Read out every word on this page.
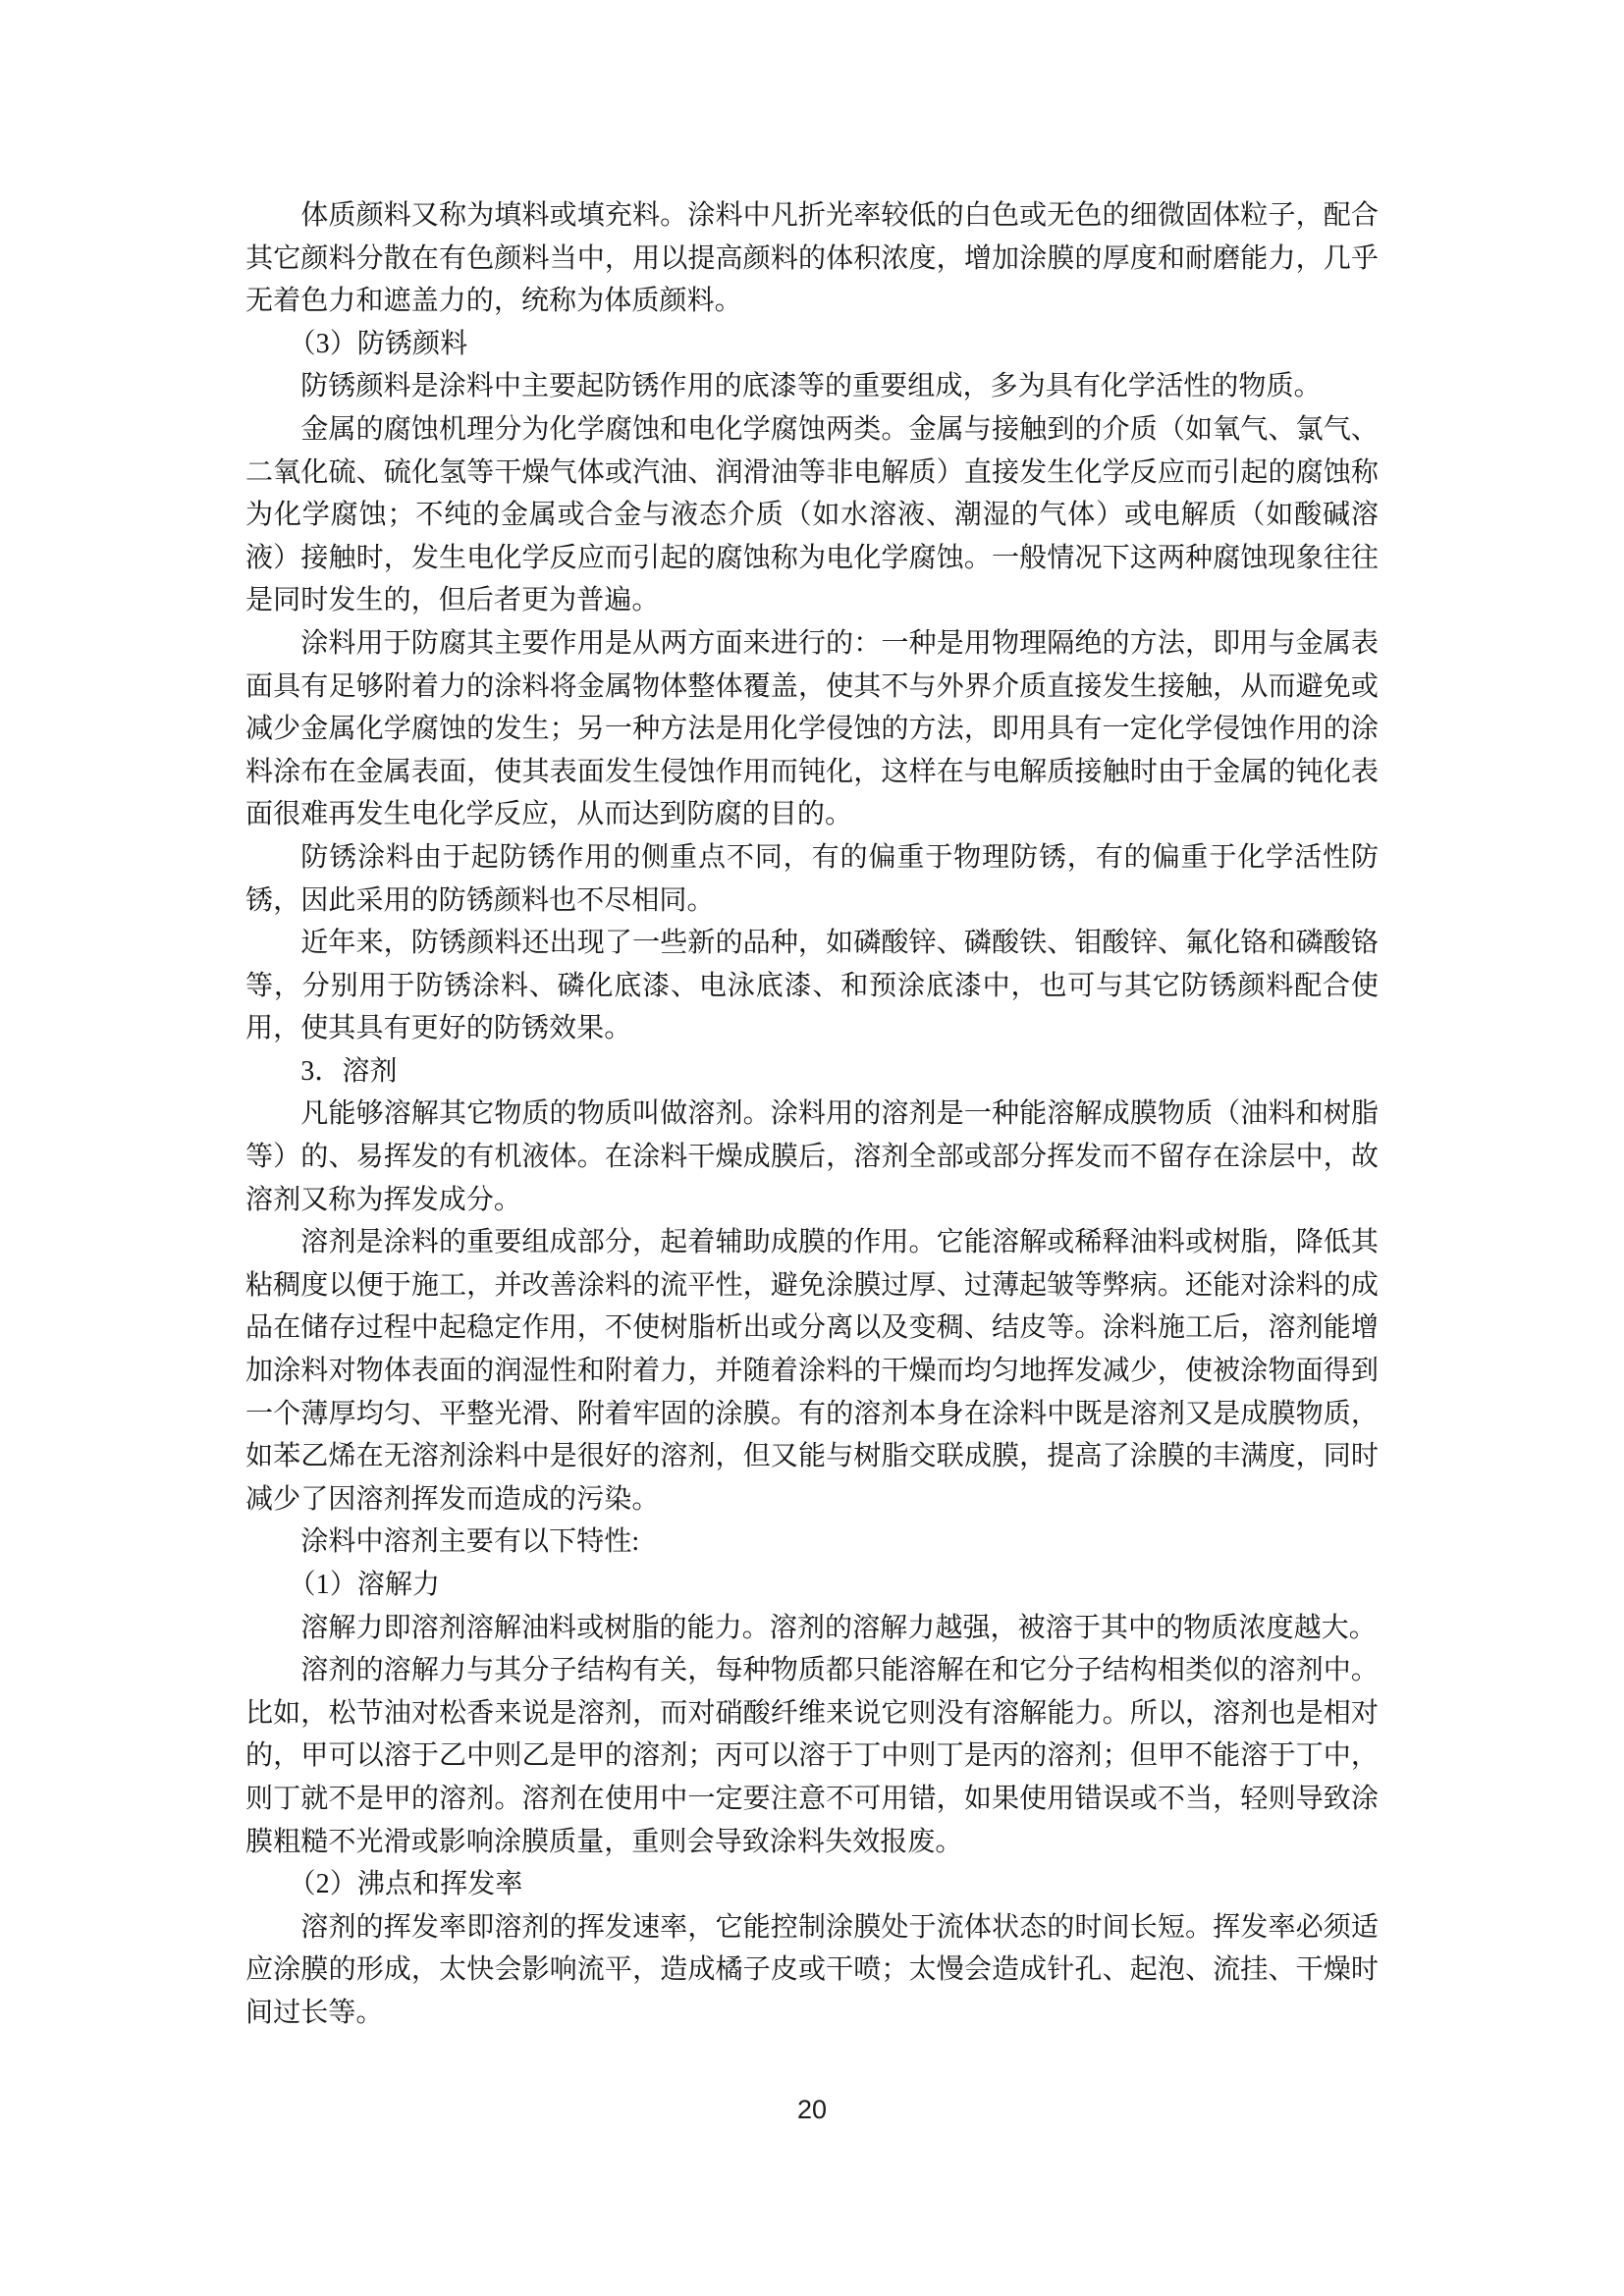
体质颜料又称为填料或填充料。涂料中凡折光率较低的白色或无色的细微固体粒子，配合其它颜料分散在有色颜料当中，用以提高颜料的体积浓度，增加涂膜的厚度和耐磨能力，几乎无着色力和遮盖力的，统称为体质颜料。

（3）防锈颜料

防锈颜料是涂料中主要起防锈作用的底漆等的重要组成，多为具有化学活性的物质。

金属的腐蚀机理分为化学腐蚀和电化学腐蚀两类。金属与接触到的介质（如氧气、氯气、二氧化硫、硫化氢等干燥气体或汽油、润滑油等非电解质）直接发生化学反应而引起的腐蚀称为化学腐蚀；不纯的金属或合金与液态介质（如水溶液、潮湿的气体）或电解质（如酸碱溶液）接触时，发生电化学反应而引起的腐蚀称为电化学腐蚀。一般情况下这两种腐蚀现象往往是同时发生的，但后者更为普遍。

涂料用于防腐其主要作用是从两方面来进行的：一种是用物理隔绝的方法，即用与金属表面具有足够附着力的涂料将金属物体整体覆盖，使其不与外界介质直接发生接触，从而避免或减少金属化学腐蚀的发生；另一种方法是用化学侵蚀的方法，即用具有一定化学侵蚀作用的涂料涂布在金属表面，使其表面发生侵蚀作用而钝化，这样在与电解质接触时由于金属的钝化表面很难再发生电化学反应，从而达到防腐的目的。

防锈涂料由于起防锈作用的侧重点不同，有的偏重于物理防锈，有的偏重于化学活性防锈，因此采用的防锈颜料也不尽相同。

近年来，防锈颜料还出现了一些新的品种，如磷酸锌、磷酸铁、钼酸锌、氟化铬和磷酸铬等，分别用于防锈涂料、磷化底漆、电泳底漆、和预涂底漆中，也可与其它防锈颜料配合使用，使其具有更好的防锈效果。

3．溶剂

凡能够溶解其它物质的物质叫做溶剂。涂料用的溶剂是一种能溶解成膜物质（油料和树脂等）的、易挥发的有机液体。在涂料干燥成膜后，溶剂全部或部分挥发而不留存在涂层中，故溶剂又称为挥发成分。

溶剂是涂料的重要组成部分，起着辅助成膜的作用。它能溶解或稀释油料或树脂，降低其粘稠度以便于施工，并改善涂料的流平性，避免涂膜过厚、过薄起皱等弊病。还能对涂料的成品在储存过程中起稳定作用，不使树脂析出或分离以及变稠、结皮等。涂料施工后，溶剂能增加涂料对物体表面的润湿性和附着力，并随着涂料的干燥而均匀地挥发减少，使被涂物面得到一个薄厚均匀、平整光滑、附着牢固的涂膜。有的溶剂本身在涂料中既是溶剂又是成膜物质，如苯乙烯在无溶剂涂料中是很好的溶剂，但又能与树脂交联成膜，提高了涂膜的丰满度，同时减少了因溶剂挥发而造成的污染。

涂料中溶剂主要有以下特性:

（1）溶解力

溶解力即溶剂溶解油料或树脂的能力。溶剂的溶解力越强，被溶于其中的物质浓度越大。

溶剂的溶解力与其分子结构有关，每种物质都只能溶解在和它分子结构相类似的溶剂中。比如，松节油对松香来说是溶剂，而对硝酸纤维来说它则没有溶解能力。所以，溶剂也是相对的，甲可以溶于乙中则乙是甲的溶剂；丙可以溶于丁中则丁是丙的溶剂；但甲不能溶于丁中，则丁就不是甲的溶剂。溶剂在使用中一定要注意不可用错，如果使用错误或不当，轻则导致涂膜粗糙不光滑或影响涂膜质量，重则会导致涂料失效报废。

（2）沸点和挥发率

溶剂的挥发率即溶剂的挥发速率，它能控制涂膜处于流体状态的时间长短。挥发率必须适应涂膜的形成，太快会影响流平，造成橘子皮或干喷；太慢会造成针孔、起泡、流挂、干燥时间过长等。

20
